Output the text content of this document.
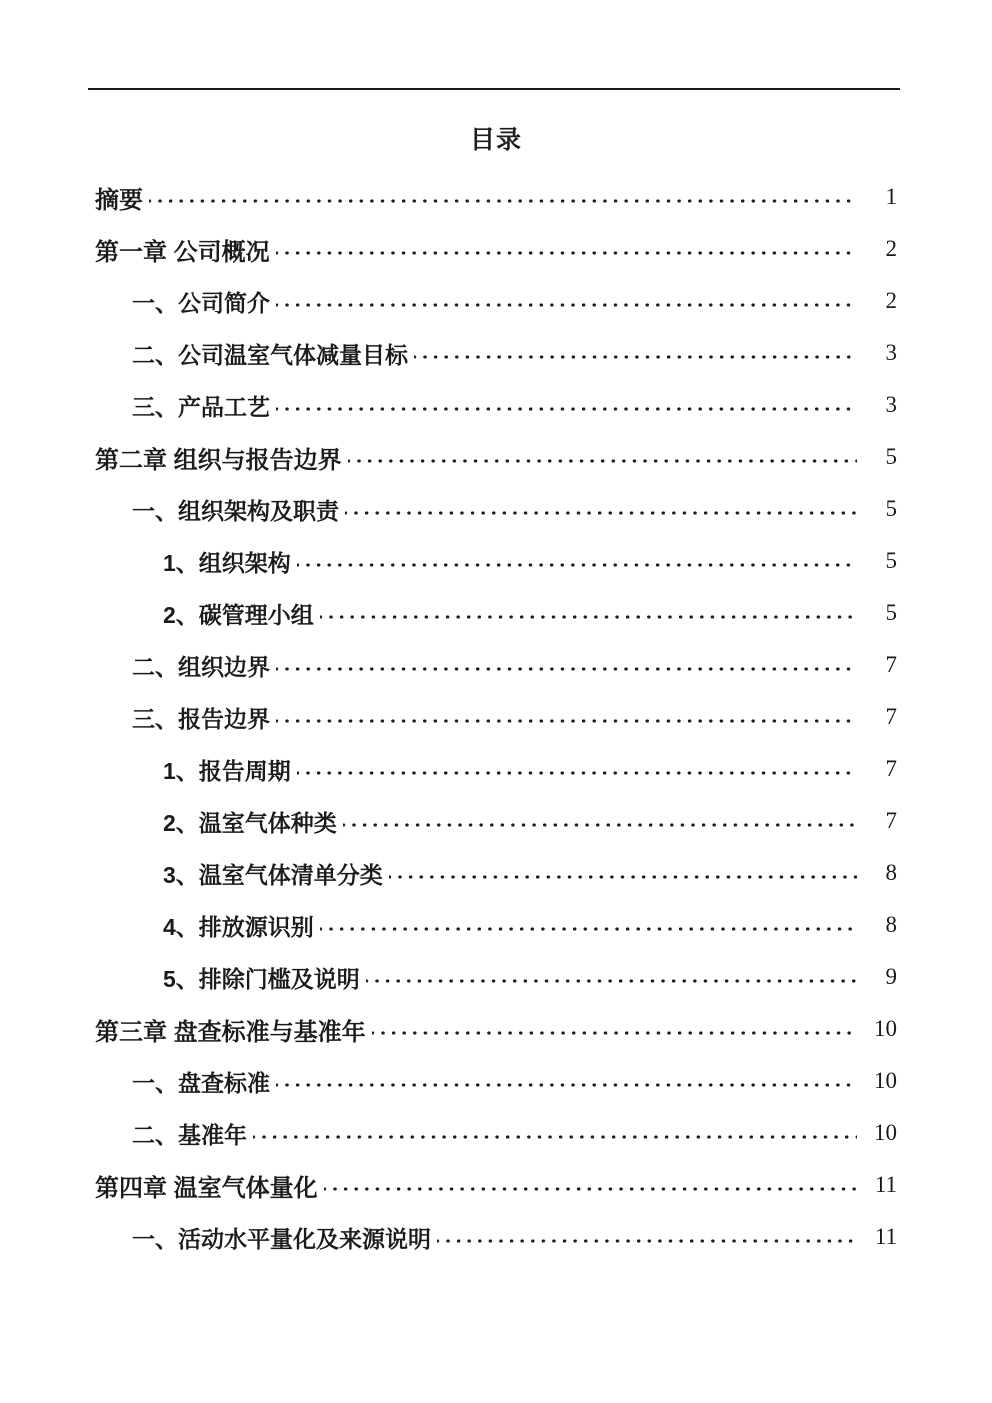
目录
摘要	1
第一章 公司概况	2
一、公司简介	2
二、公司温室气体减量目标	3
三、产品工艺	3
第二章 组织与报告边界	5
一、组织架构及职责	5
1、组织架构	5
2、碳管理小组	5
二、组织边界	7
三、报告边界	7
1、报告周期	7
2、温室气体种类	7
3、温室气体清单分类	8
4、排放源识别	8
5、排除门槛及说明	9
第三章 盘查标准与基准年	10
一、盘查标准	10
二、基准年	10
第四章 温室气体量化	11
一、活动水平量化及来源说明	11
